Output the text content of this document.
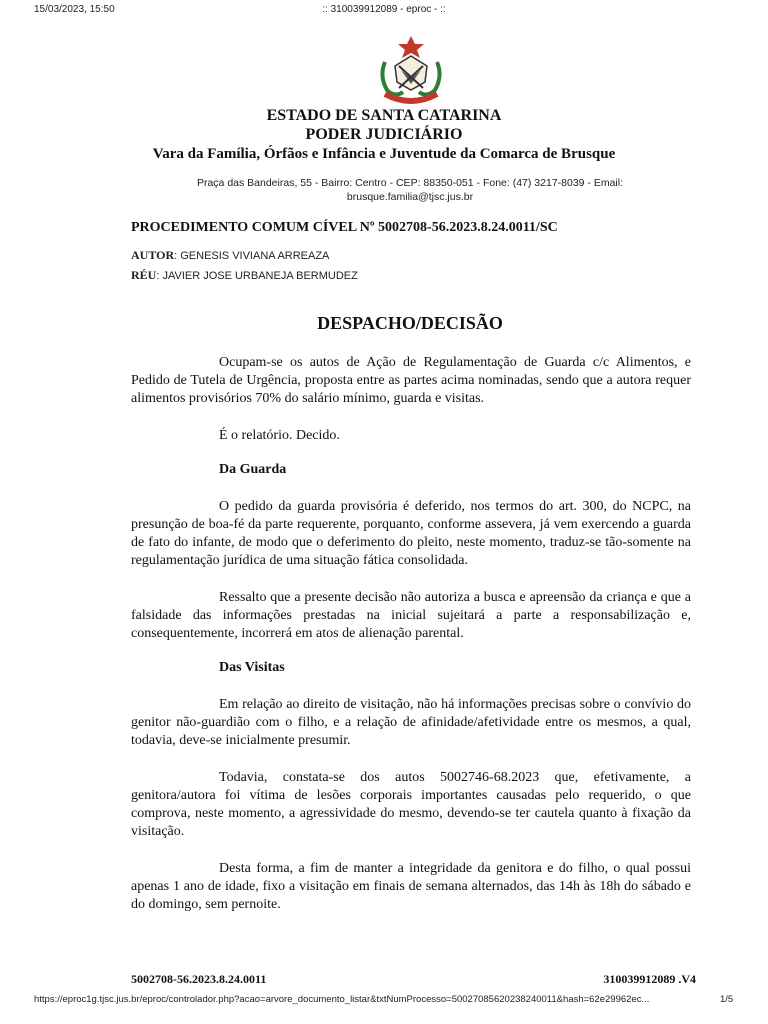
15/03/2023, 15:50	:: 310039912089 - eproc - ::
ESTADO DE SANTA CATARINA
PODER JUDICIÁRIO
Vara da Família, Órfãos e Infância e Juventude da Comarca de Brusque
Praça das Bandeiras, 55 - Bairro: Centro - CEP: 88350-051 - Fone: (47) 3217-8039 - Email:
brusque.familia@tjsc.jus.br
PROCEDIMENTO COMUM CÍVEL Nº 5002708-56.2023.8.24.0011/SC
AUTOR: GENESIS VIVIANA ARREAZA
RÉU: JAVIER JOSE URBANEJA BERMUDEZ
DESPACHO/DECISÃO

Ocupam-se os autos de Ação de Regulamentação de Guarda c/c Alimentos, e Pedido de Tutela de Urgência, proposta entre as partes acima nominadas, sendo que a autora requer alimentos provisórios 70% do salário mínimo, guarda e visitas.

É o relatório. Decido.

Da Guarda

O pedido da guarda provisória é deferido, nos termos do art. 300, do NCPC, na presunção de boa-fé da parte requerente, porquanto, conforme assevera, já vem exercendo a guarda de fato do infante, de modo que o deferimento do pleito, neste momento, traduz-se tão-somente na regulamentação jurídica de uma situação fática consolidada.

Ressalto que a presente decisão não autoriza a busca e apreensão da criança e que a falsidade das informações prestadas na inicial sujeitará a parte a responsabilização e, consequentemente, incorrerá em atos de alienação parental.

Das Visitas

Em relação ao direito de visitação, não há informações precisas sobre o convívio do genitor não-guardião com o filho, e a relação de afinidade/afetividade entre os mesmos, a qual, todavia, deve-se inicialmente presumir.

Todavia, constata-se dos autos 5002746-68.2023 que, efetivamente, a genitora/autora foi vítima de lesões corporais importantes causadas pelo requerido, o que comprova, neste momento, a agressividade do mesmo, devendo-se ter cautela quanto à fixação da visitação.

Desta forma, a fim de manter a integridade da genitora e do filho, o qual possui apenas 1 ano de idade, fixo a visitação em finais de semana alternados, das 14h às 18h do sábado e do domingo, sem pernoite.

5002708-56.2023.8.24.0011	310039912089 .V4
https://eproc1g.tjsc.jus.br/eproc/controlador.php?acao=arvore_documento_listar&txtNumProcesso=50027085620238240011&hash=62e29962ec...	1/5
